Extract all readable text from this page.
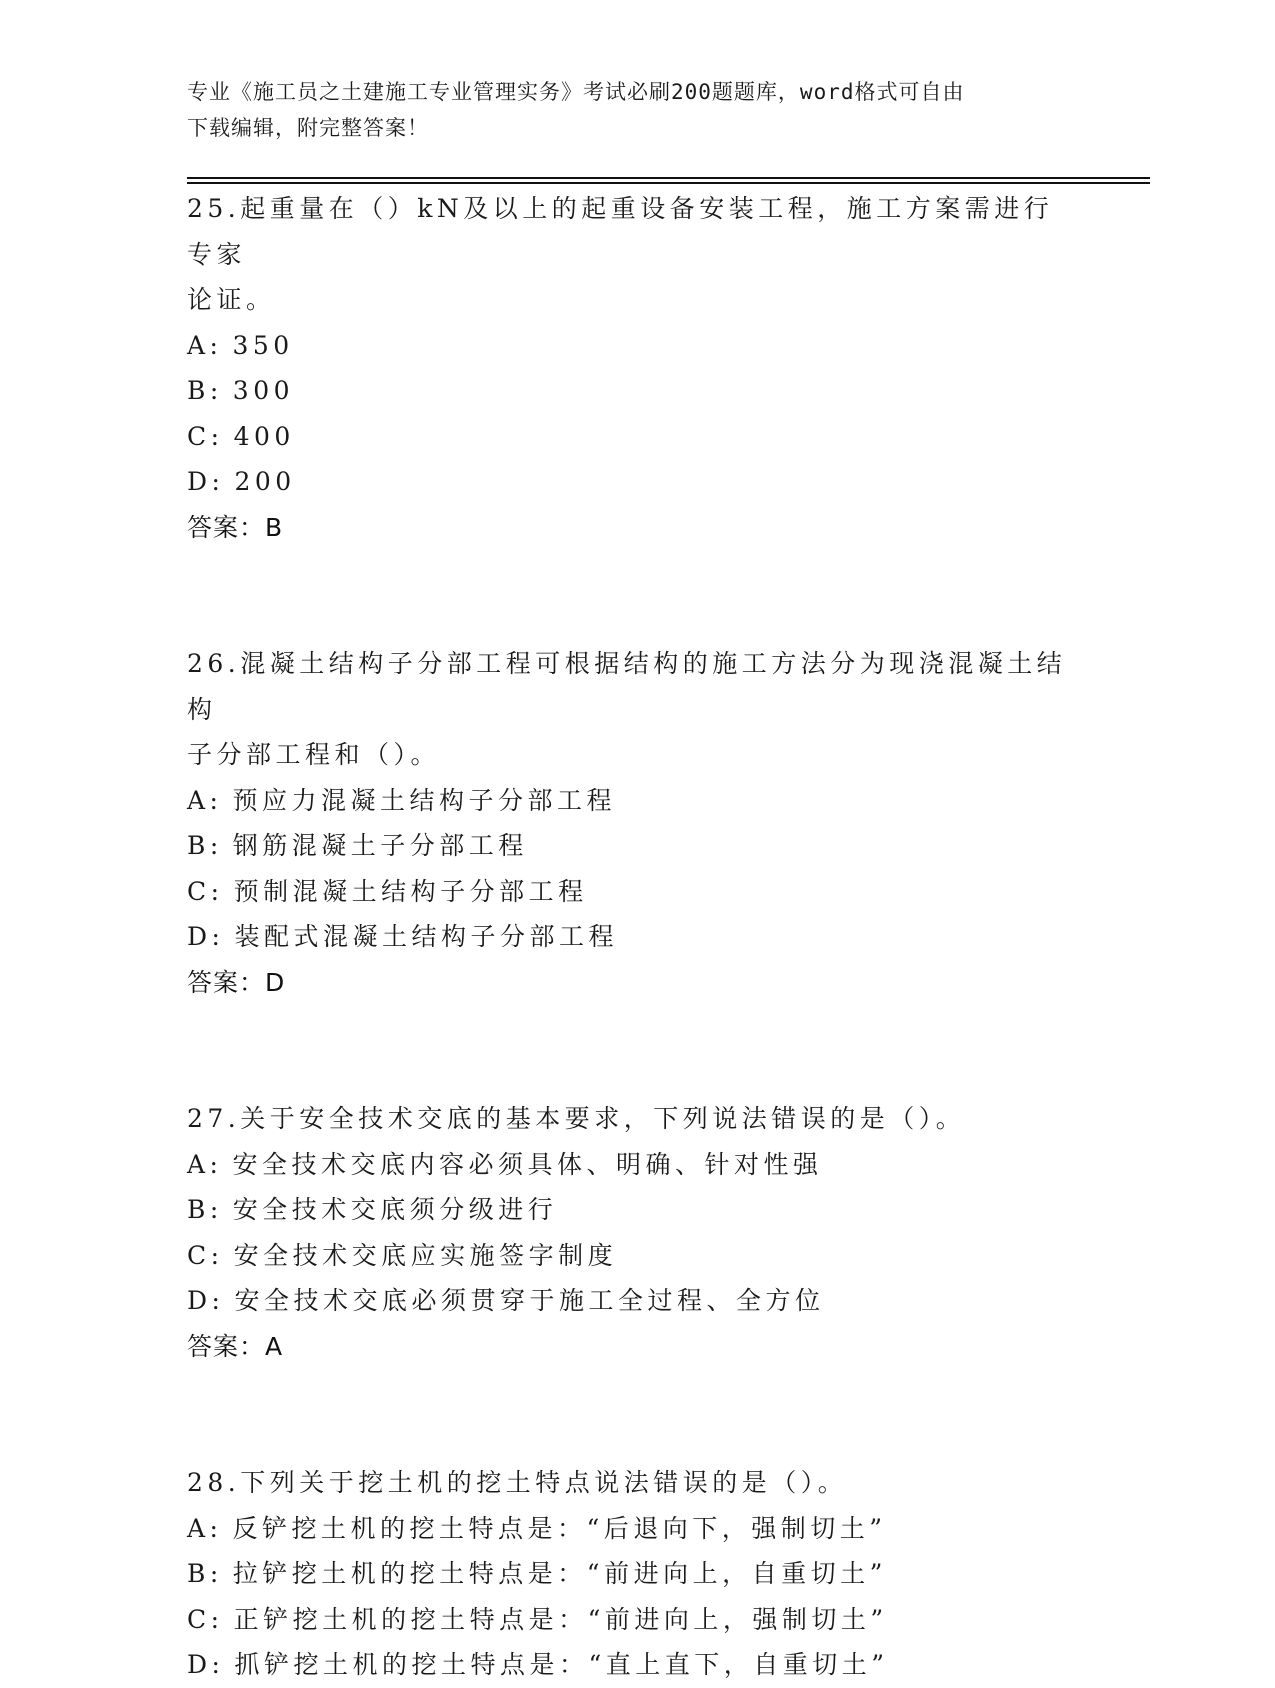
专业《施工员之土建施工专业管理实务》考试必刷200题题库，word格式可自由
下载编辑，附完整答案！
25.起重量在（）kN及以上的起重设备安装工程，施工方案需进行专家
论证。
A: 350
B: 300
C: 400
D: 200
答案：B
26.混凝土结构子分部工程可根据结构的施工方法分为现浇混凝土结构
子分部工程和（）。
A: 预应力混凝土结构子分部工程
B: 钢筋混凝土子分部工程
C: 预制混凝土结构子分部工程
D: 装配式混凝土结构子分部工程
答案：D
27.关于安全技术交底的基本要求，下列说法错误的是（）。
A: 安全技术交底内容必须具体、明确、针对性强
B: 安全技术交底须分级进行
C: 安全技术交底应实施签字制度
D: 安全技术交底必须贯穿于施工全过程、全方位
答案：A
28.下列关于挖土机的挖土特点说法错误的是（）。
A: 反铲挖土机的挖土特点是：“后退向下，强制切土”
B: 拉铲挖土机的挖土特点是：“前进向上，自重切土”
C: 正铲挖土机的挖土特点是：“前进向上，强制切土”
D: 抓铲挖土机的挖土特点是：“直上直下，自重切土”
